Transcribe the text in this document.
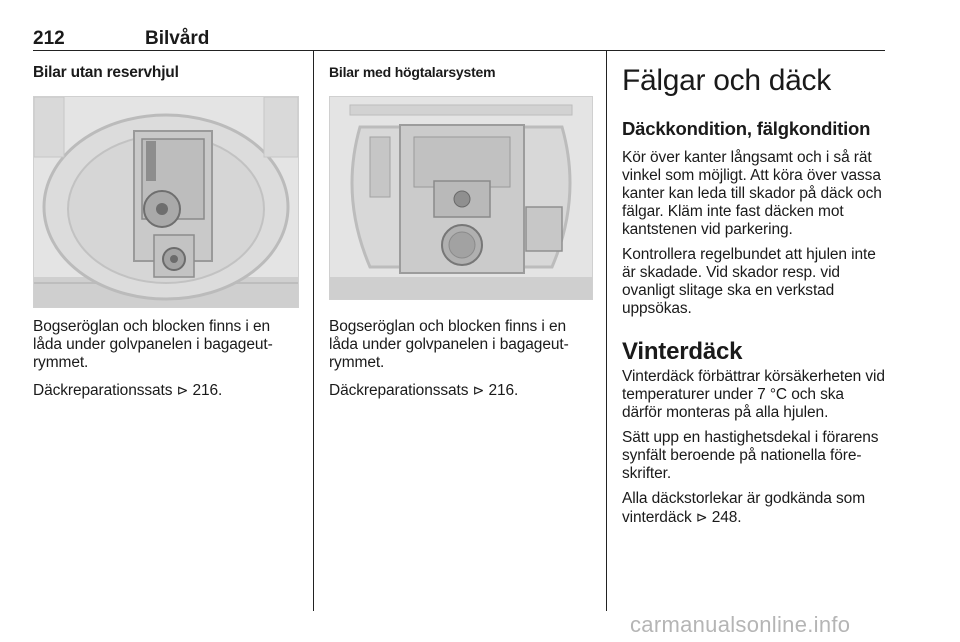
212	Bilvård
Bilar utan reservhjul

Bogseröglan och blocken finns i en låda under golvpanelen i bagageut-rymmet.

Däckreparationssats ⊳ 216.

Bilar med högtalarsystem

Bogseröglan och blocken finns i en låda under golvpanelen i bagageut-rymmet.

Däckreparationssats ⊳ 216.

Fälgar och däck
Däckkondition, fälgkondition

Kör över kanter långsamt och i så rät vinkel som möjligt. Att köra över vassa kanter kan leda till skador på däck och fälgar. Kläm inte fast däcken mot kantstenen vid parkering.

Kontrollera regelbundet att hjulen inte är skadade. Vid skador resp. vid ovanligt slitage ska en verkstad uppsökas.

Vinterdäck

Vinterdäck förbättrar körsäkerheten vid temperaturer under 7 °C och ska därför monteras på alla hjulen.

Sätt upp en hastighetsdekal i förarens synfält beroende på nationella före-skrifter.

Alla däckstorlekar är godkända som vinterdäck ⊳ 248.

carmanualsonline.info
